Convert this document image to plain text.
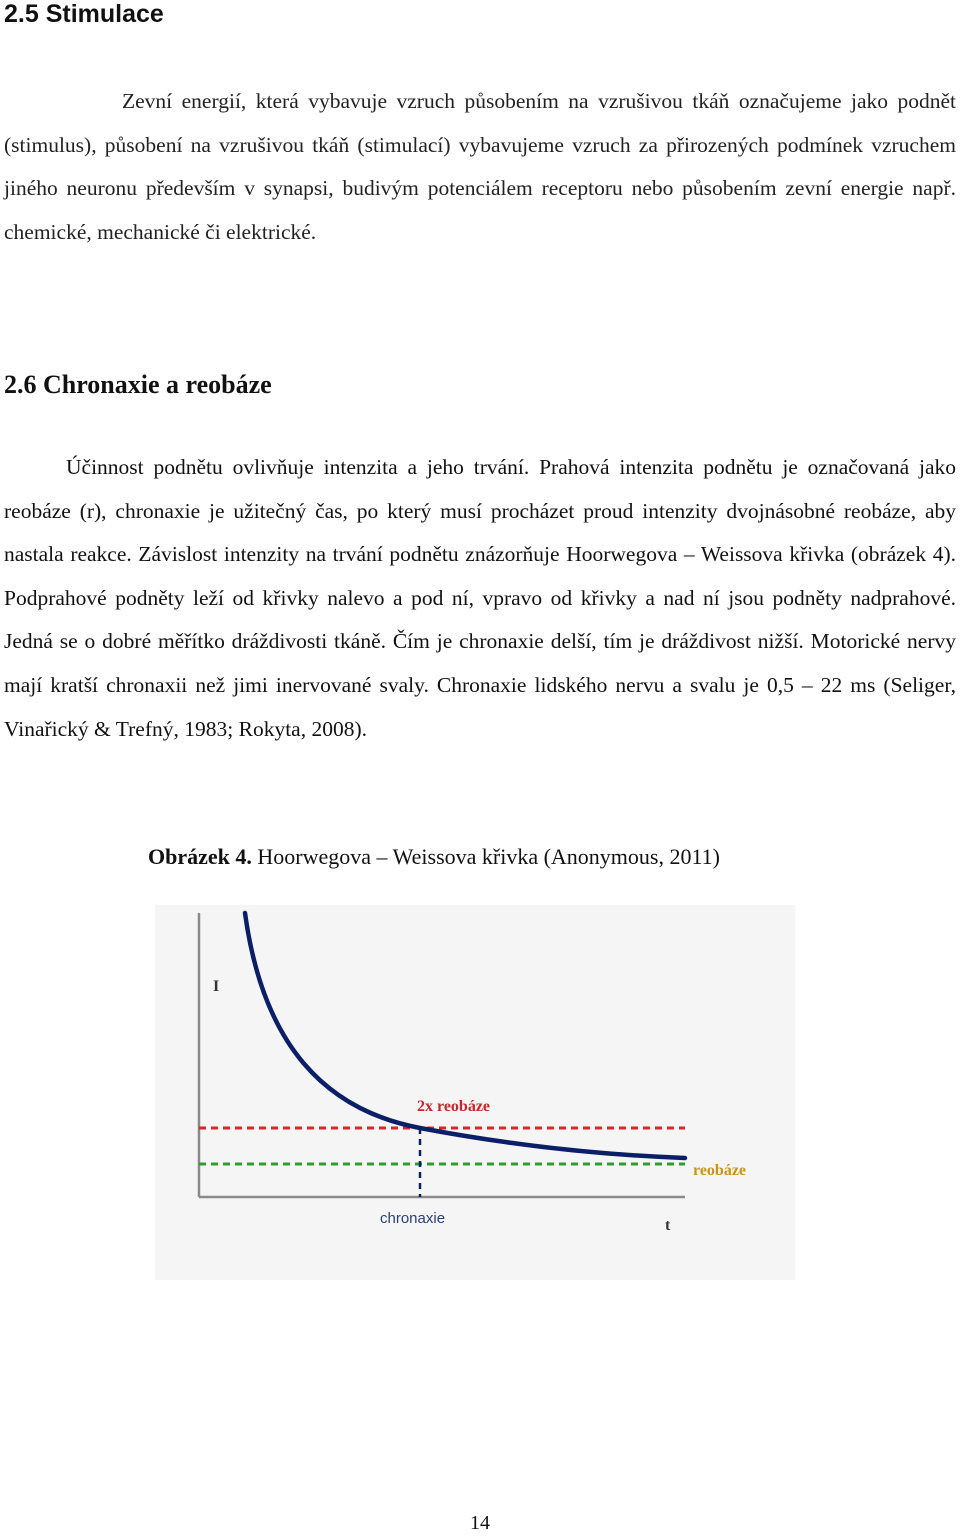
2.5 Stimulace

Zevní energií, která vybavuje vzruch působením na vzrušivou tkáň označujeme jako podnět (stimulus), působení na vzrušivou tkáň (stimulací) vybavujeme vzruch za přirozených podmínek vzruchem jiného neuronu především v synapsi, budivým potenciálem receptoru nebo působením zevní energie např. chemické, mechanické či elektrické.

2.6 Chronaxie a reobáze

Účinnost podnětu ovlivňuje intenzita a jeho trvání. Prahová intenzita podnětu je označovaná jako reobáze (r), chronaxie je užitečný čas, po který musí procházet proud intenzity dvojnásobné reobáze, aby nastala reakce. Závislost intenzity na trvání podnětu znázorňuje Hoorwegova – Weissova křivka (obrázek 4). Podprahové podněty leží od křivky nalevo a pod ní, vpravo od křivky a nad ní jsou podněty nadprahové. Jedná se o dobré měřítko dráždivosti tkáně. Čím je chronaxie delší, tím je dráždivost nižší. Motorické nervy mají kratší chronaxii než jimi inervované svaly. Chronaxie lidského nervu a svalu je 0,5 – 22 ms (Seliger, Vinařický & Trefný, 1983; Rokyta, 2008).

Obrázek 4. Hoorwegova – Weissova křivka (Anonymous, 2011)

I
2x reobáze
reobáze
chronaxie	t

14
